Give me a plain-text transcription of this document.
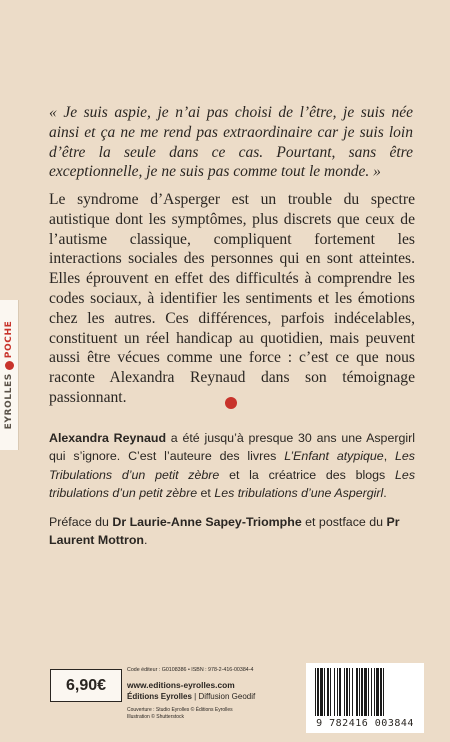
EYROLLES
POCHE
« Je suis aspie, je n’ai pas choisi de l’être, je suis née ainsi et ça ne me rend pas extraordinaire car je suis loin d’être la seule dans ce cas. Pourtant, sans être exceptionnelle, je ne suis pas comme tout le monde. »
Le syndrome d’Asperger est un trouble du spectre autistique dont les symptômes, plus discrets que ceux de l’autisme classique, compliquent fortement les interactions sociales des personnes qui en sont atteintes. Elles éprouvent en effet des difficultés à comprendre les codes sociaux, à identifier les sentiments et les émotions chez les autres. Ces différences, parfois indécelables, constituent un réel handicap au quotidien, mais peuvent aussi être vécues comme une force : c’est ce que nous raconte Alexandra Reynaud dans son témoignage passionnant.
Alexandra Reynaud a été jusqu’à presque 30 ans une Aspergirl qui s’ignore. C’est l’auteure des livres L’Enfant atypique, Les Tribulations d’un petit zèbre et la créatrice des blogs Les tribulations d’un petit zèbre et Les tribulations d’une Aspergirl.
Préface du Dr Laurie-Anne Sapey-Triomphe et postface du Pr Laurent Mottron.
6,90€
Code éditeur : G0108386 • ISBN : 978-2-416-00384-4
www.editions-eyrolles.com
Éditions Eyrolles | Diffusion Geodif
Couverture : Studio Eyrolles © Éditions Eyrolles
Illustration © Shutterstock
9 782416 003844
